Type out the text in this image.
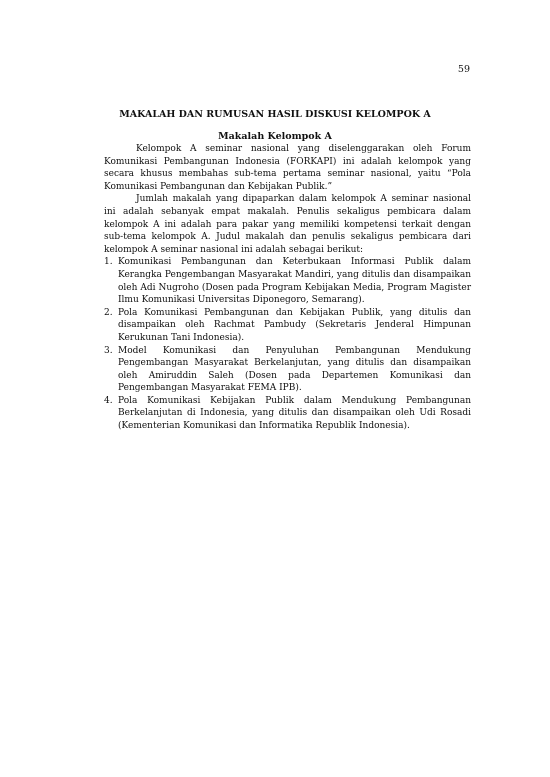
59
MAKALAH DAN RUMUSAN HASIL DISKUSI KELOMPOK A
Makalah Kelompok A

Kelompok A seminar nasional yang diselenggarakan oleh Forum Komunikasi Pembangunan Indonesia (FORKAPI) ini adalah kelompok yang secara khusus membahas sub-tema pertama seminar nasional, yaitu “Pola Komunikasi Pembangunan dan Kebijakan Publik.”

Jumlah makalah yang dipaparkan dalam kelompok A seminar nasional ini adalah sebanyak empat makalah. Penulis sekaligus pembicara dalam kelompok A ini adalah para pakar yang memiliki kompetensi terkait dengan sub-tema kelompok A. Judul makalah dan penulis sekaligus pembicara dari kelompok A seminar nasional ini adalah sebagai berikut:

1. Komunikasi Pembangunan dan Keterbukaan Informasi Publik dalam Kerangka Pengembangan Masyarakat Mandiri, yang ditulis dan disampaikan oleh Adi Nugroho (Dosen pada Program Kebijakan Media, Program Magister Ilmu Komunikasi Universitas Diponegoro, Semarang).
2. Pola Komunikasi Pembangunan dan Kebijakan Publik, yang ditulis dan disampaikan oleh Rachmat Pambudy (Sekretaris Jenderal Himpunan Kerukunan Tani Indonesia).
3. Model Komunikasi dan Penyuluhan Pembangunan Mendukung Pengembangan Masyarakat Berkelanjutan, yang ditulis dan disampaikan oleh Amiruddin Saleh (Dosen pada Departemen Komunikasi dan Pengembangan Masyarakat FEMA IPB).
4. Pola Komunikasi Kebijakan Publik dalam Mendukung Pembangunan Berkelanjutan di Indonesia, yang ditulis dan disampaikan oleh Udi Rosadi (Kementerian Komunikasi dan Informatika Republik Indonesia).
